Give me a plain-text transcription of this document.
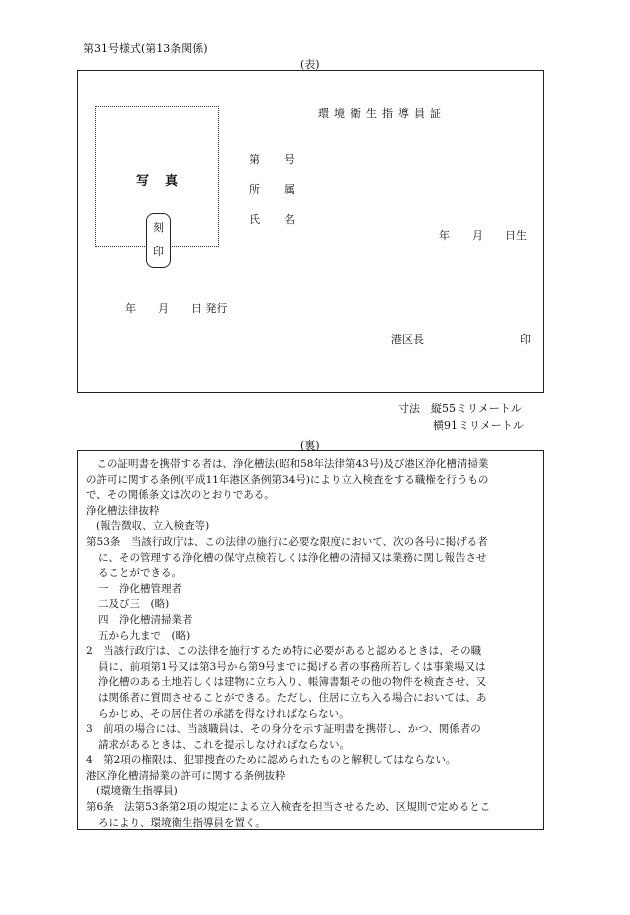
第31号様式(第13条関係)
(表)
写真
刻
印
環境衛生指導員証
第号
所属
氏名
年　　月　　日生
年　　月　　日 発行
港区長	印
寸法　縦55ミリメートル
横91ミリメートル
(裏)
　この証明書を携帯する者は、浄化槽法(昭和58年法律第43号)及び港区浄化槽清掃業
の許可に関する条例(平成11年港区条例第34号)により立入検査をする職権を行うもの
で、その関係条文は次のとおりである。
浄化槽法律抜粋
(報告徴収、立入検査等)
第53条　当該行政庁は、この法律の施行に必要な限度において、次の各号に掲げる者
に、その管理する浄化槽の保守点検若しくは浄化槽の清掃又は業務に関し報告させ
ることができる。
一　浄化槽管理者
二及び三　(略)
四　浄化槽清掃業者
五から九まで　(略)
2　当該行政庁は、この法律を施行するため特に必要があると認めるときは、その職
員に、前項第1号又は第3号から第9号までに掲げる者の事務所若しくは事業場又は
浄化槽のある土地若しくは建物に立ち入り、帳簿書類その他の物件を検査させ、又
は関係者に質問させることができる。ただし、住居に立ち入る場合においては、あ
らかじめ、その居住者の承諾を得なければならない。
3　前項の場合には、当該職員は、その身分を示す証明書を携帯し、かつ、関係者の
請求があるときは、これを提示しなければならない。
4　第2項の権限は、犯罪捜査のために認められたものと解釈してはならない。
港区浄化槽清掃業の許可に関する条例抜粋
(環境衛生指導員)
第6条　法第53条第2項の規定による立入検査を担当させるため、区規則で定めるとこ
ろにより、環境衛生指導員を置く。
